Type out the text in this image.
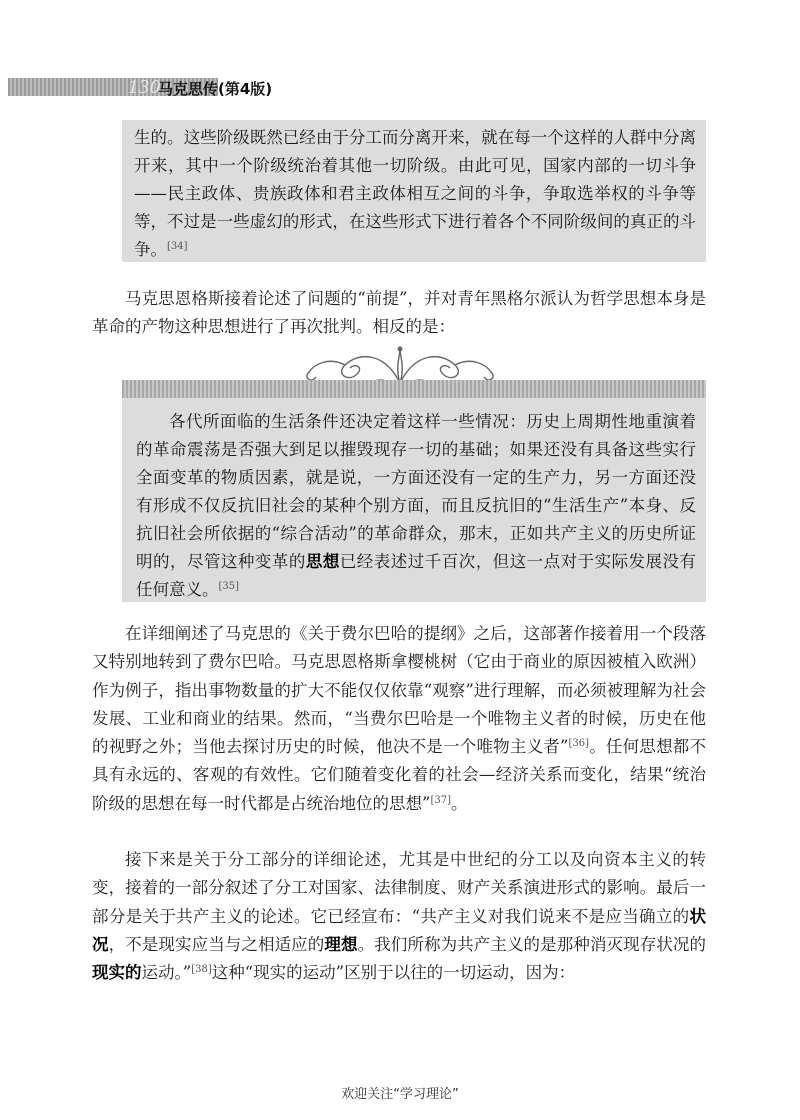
130
马克思传(第4版)
生的。这些阶级既然已经由于分工而分离开来，就在每一个这样的人群中分离开来，其中一个阶级统治着其他一切阶级。由此可见，国家内部的一切斗争——民主政体、贵族政体和君主政体相互之间的斗争，争取选举权的斗争等等，不过是一些虚幻的形式，在这些形式下进行着各个不同阶级间的真正的斗争。[34]
马克思恩格斯接着论述了问题的“前提”，并对青年黑格尔派认为哲学思想本身是革命的产物这种思想进行了再次批判。相反的是：
各代所面临的生活条件还决定着这样一些情况：历史上周期性地重演着的革命震荡是否强大到足以摧毁现存一切的基础；如果还没有具备这些实行全面变革的物质因素，就是说，一方面还没有一定的生产力，另一方面还没有形成不仅反抗旧社会的某种个别方面，而且反抗旧的“生活生产”本身、反抗旧社会所依据的“综合活动”的革命群众，那末，正如共产主义的历史所证明的，尽管这种变革的思想已经表述过千百次，但这一点对于实际发展没有任何意义。[35]
在详细阐述了马克思的《关于费尔巴哈的提纲》之后，这部著作接着用一个段落又特别地转到了费尔巴哈。马克思恩格斯拿樱桃树（它由于商业的原因被植入欧洲）作为例子，指出事物数量的扩大不能仅仅依靠“观察”进行理解，而必须被理解为社会发展、工业和商业的结果。然而，“当费尔巴哈是一个唯物主义者的时候，历史在他的视野之外；当他去探讨历史的时候，他决不是一个唯物主义者”[36]。任何思想都不具有永远的、客观的有效性。它们随着变化着的社会—经济关系而变化，结果“统治阶级的思想在每一时代都是占统治地位的思想”[37]。
接下来是关于分工部分的详细论述，尤其是中世纪的分工以及向资本主义的转变，接着的一部分叙述了分工对国家、法律制度、财产关系演进形式的影响。最后一部分是关于共产主义的论述。它已经宣布：“共产主义对我们说来不是应当确立的状况，不是现实应当与之相适应的理想。我们所称为共产主义的是那种消灭现存状况的现实的运动。”[38]这种“现实的运动”区别于以往的一切运动，因为：
欢迎关注“学习理论”
